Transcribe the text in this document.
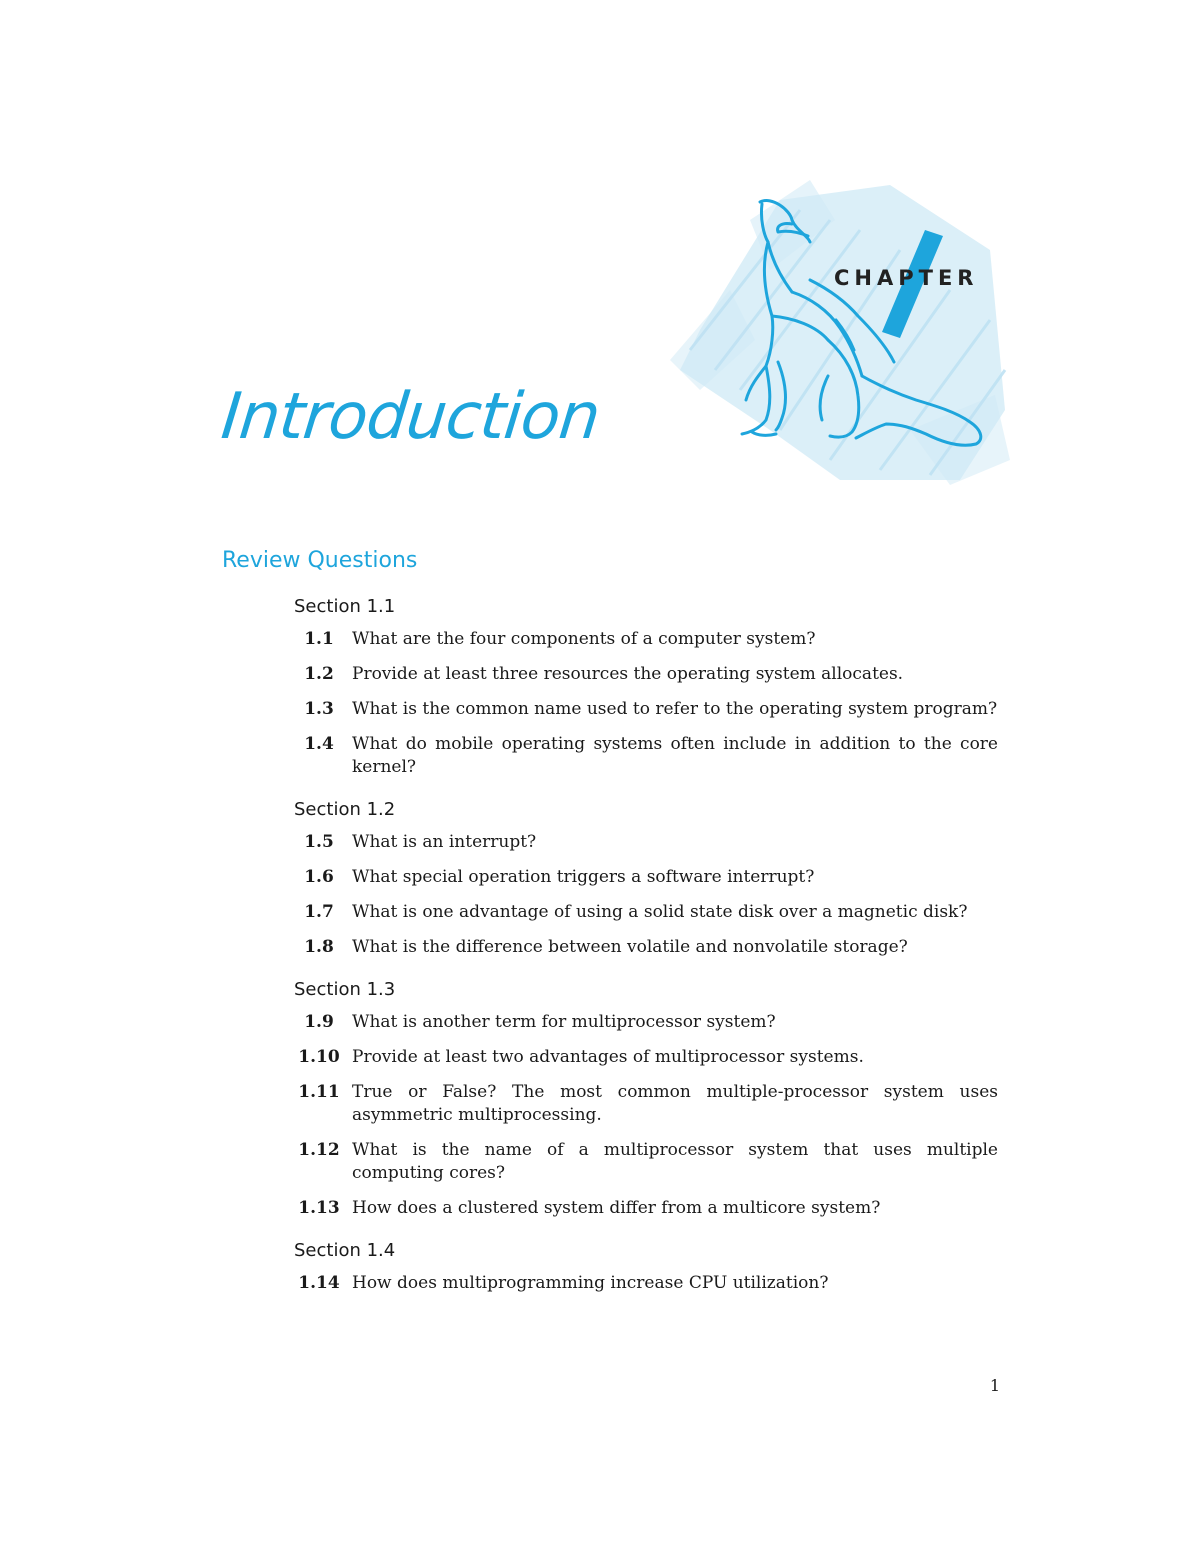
CHAPTER
Introduction
Review Questions
Section 1.1
1.1	What are the four components of a computer system?
1.2	Provide at least three resources the operating system allocates.
1.3	What is the common name used to refer to the operating system program?
1.4	What do mobile operating systems often include in addition to the core kernel?
Section 1.2
1.5	What is an interrupt?
1.6	What special operation triggers a software interrupt?
1.7	What is one advantage of using a solid state disk over a magnetic disk?
1.8	What is the difference between volatile and nonvolatile storage?
Section 1.3
1.9	What is another term for multiprocessor system?
1.10 Provide at least two advantages of multiprocessor systems.
1.11 True or False? The most common multiple-processor system uses asymmetric multiprocessing.
1.12 What is the name of a multiprocessor system that uses multiple computing cores?
1.13 How does a clustered system differ from a multicore system?
Section 1.4
1.14 How does multiprogramming increase CPU utilization?
1
